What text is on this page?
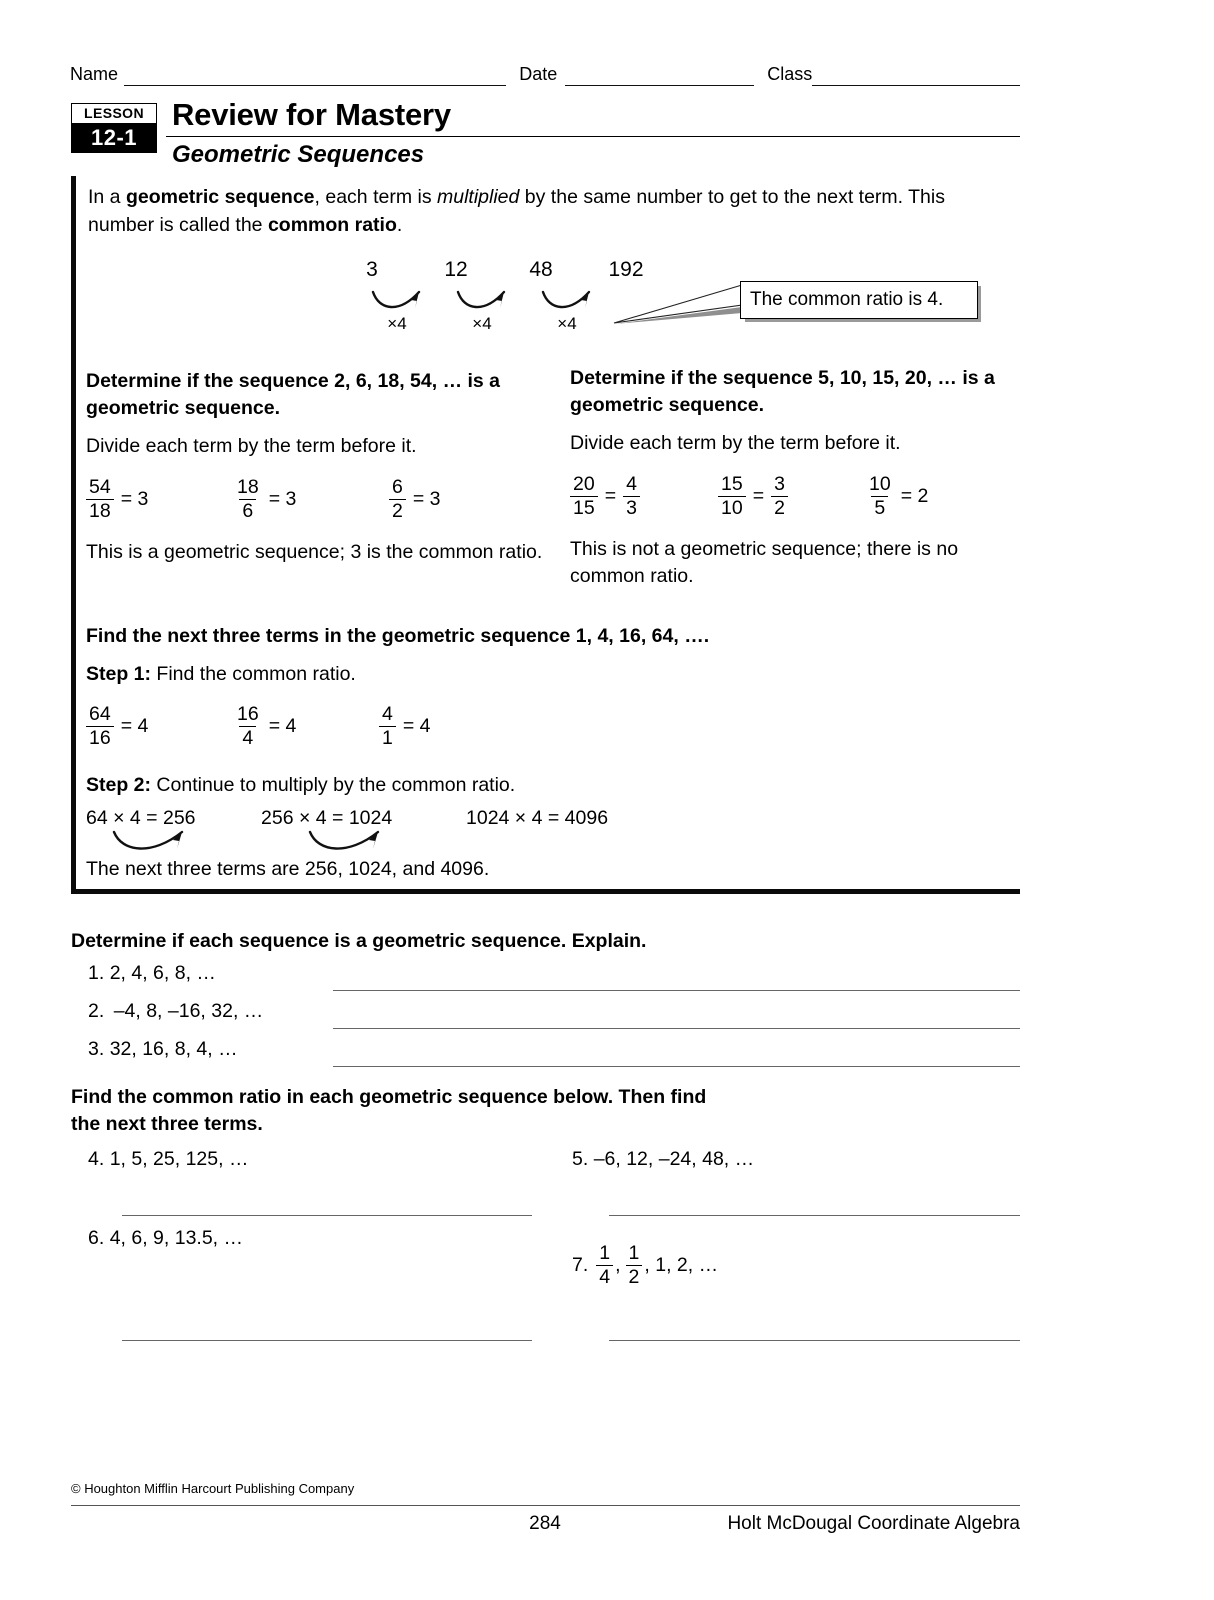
Name	Date	Class
LESSON
12-1
Review for Mastery
Geometric Sequences
In a geometric sequence, each term is multiplied by the same number to get to the next term. This number is called the common ratio.
3	12	48	192
×4	×4	×4
The common ratio is 4.
Determine if the sequence 2, 6, 18, 54, … is a geometric sequence.
Divide each term by the term before it.
$\frac{54}{18} = 3$	$\frac{18}{6} = 3$	$\frac{6}{2} = 3$
This is a geometric sequence; 3 is the common ratio.
Determine if the sequence 5, 10, 15, 20, … is a geometric sequence.
Divide each term by the term before it.
$\frac{20}{15} = \frac{4}{3}$	$\frac{15}{10} = \frac{3}{2}$	$\frac{10}{5} = 2$
This is not a geometric sequence; there is no common ratio.
Find the next three terms in the geometric sequence 1, 4, 16, 64, ….
Step 1: Find the common ratio.
$\frac{64}{16} = 4$	$\frac{16}{4} = 4$	$\frac{4}{1} = 4$
Step 2: Continue to multiply by the common ratio.
64 × 4 = 256	256 × 4 = 1024	1024 × 4 = 4096
The next three terms are 256, 1024, and 4096.
Determine if each sequence is a geometric sequence. Explain.
1. 2, 4, 6, 8, …
2. –4, 8, –16, 32, …
3. 32, 16, 8, 4, …
Find the common ratio in each geometric sequence below. Then find
the next three terms.
4. 1, 5, 25, 125, …	5. –6, 12, –24, 48, …
6. 4, 6, 9, 13.5, …
7. $\frac{1}{4}$ , $\frac{1}{2}$ , 1, 2, …
© Houghton Mifflin Harcourt Publishing Company
284	Holt McDougal Coordinate Algebra
